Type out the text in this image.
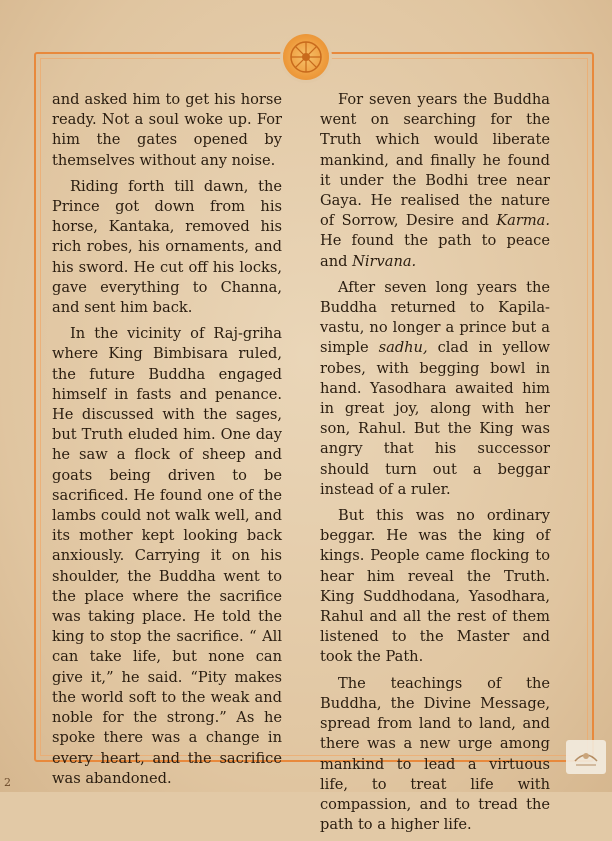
and asked him to get his horse ready. Not a soul woke up. For him the gates opened by themselves without any noise.

Riding forth till dawn, the Prince got down from his horse, Kantaka, removed his rich robes, his ornaments, and his sword. He cut off his locks, gave everything to Channa, and sent him back.

In the vicinity of Raj-griha where King Bimbisara ruled, the future Buddha engaged himself in fasts and penance. He discussed with the sages, but Truth eluded him. One day he saw a flock of sheep and goats being driven to be sacrificed. He found one of the lambs could not walk well, and its mother kept looking back anxiously. Carrying it on his shoulder, the Buddha went to the place where the sacrifice was taking place. He told the king to stop the sacrifice. “ All can take life, but none can give it,” he said. “Pity makes the world soft to the weak and noble for the strong.” As he spoke there was a change in every heart, and the sacrifice was abandoned.

For seven years the Buddha went on searching for the Truth which would liberate mankind, and finally he found it under the Bodhi tree near Gaya. He realised the nature of Sorrow, Desire and Karma. He found the path to peace and Nirvana.

After seven long years the Buddha returned to Kapila-vastu, no longer a prince but a simple sadhu, clad in yellow robes, with begging bowl in hand. Yasodhara awaited him in great joy, along with her son, Rahul. But the King was angry that his successor should turn out a beggar instead of a ruler.

But this was no ordinary beggar. He was the king of kings. People came flocking to hear him reveal the Truth. King Suddhodana, Yasodhara, Rahul and all the rest of them listened to the Master and took the Path.

The teachings of the Buddha, the Divine Message, spread from land to land, and there was a new urge among mankind to lead a virtuous life, to treat life with compassion, and to tread the path to a higher life.

2
